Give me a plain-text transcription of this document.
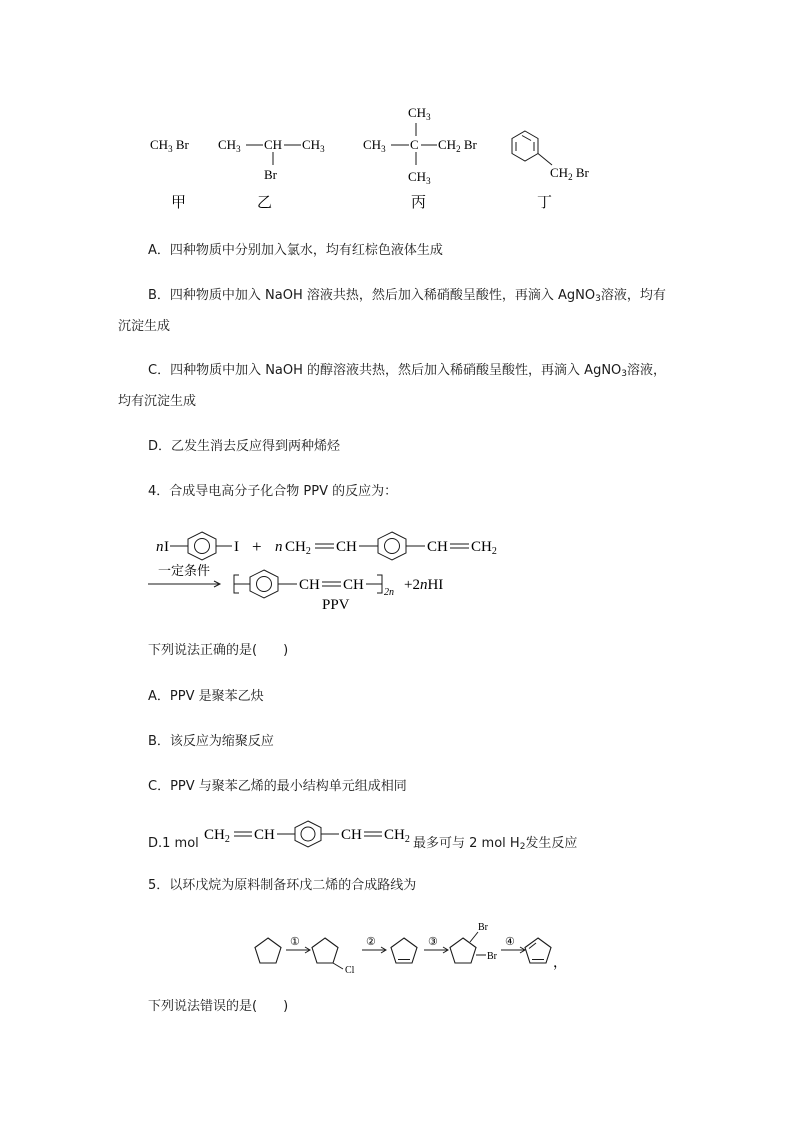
$CH_3$ Br
甲
$CH_3$ CH $CH_3$
Br
乙
$CH_3$
$CH_3$ C $CH_2$ Br
$CH_3$
丙
$CH_2$ Br
丁
A．四种物质中分别加入氯水，均有红棕色液体生成
B．四种物质中加入 NaOH 溶液共热，然后加入稀硝酸呈酸性，再滴入 AgNO$_3$溶液，均有
沉淀生成
C．四种物质中加入 NaOH 的醇溶液共热，然后加入稀硝酸呈酸性，再滴入 AgNO$_3$溶液，
均有沉淀生成
D．乙发生消去反应得到两种烯烃
4．合成导电高分子化合物 PPV 的反应为：
n I	I + n $CH_2$ CH	CH $CH_2$
一定条件
CH CH 2n +2nHI
PPV
下列说法正确的是(　　)
A．PPV 是聚苯乙炔
B．该反应为缩聚反应
C．PPV 与聚苯乙烯的最小结构单元组成相同
D.1 mol
$CH_2$ CH	CH $CH_2$ 最多可与 2 mol $H_2$发生反应
5．以环戊烷为原料制备环戊二烯的合成路线为
①
Cl
②	③
Br
Br
④
，
下列说法错误的是(　　)
